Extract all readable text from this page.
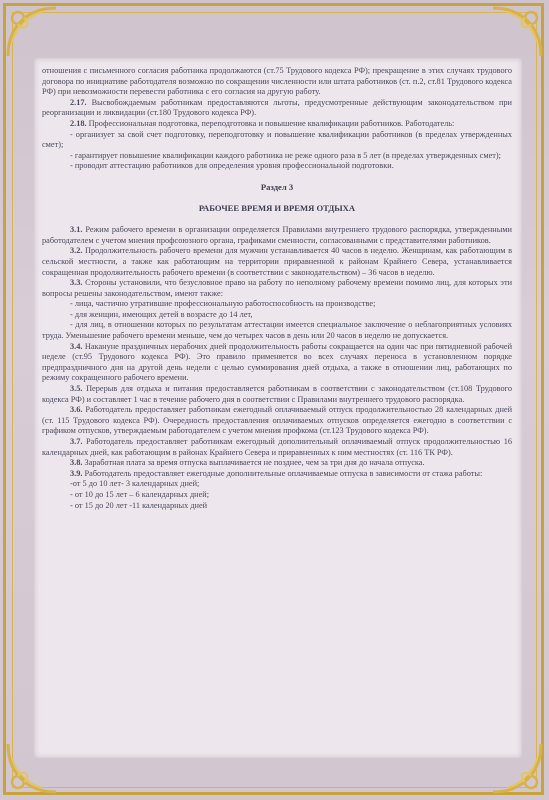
отношения с письменного согласия работника продолжаются (ст.75 Трудового кодекса РФ); прекращение в этих случаях трудового договора по инициативе работодателя возможно по сокращении численности или штата работников (ст. п.2, ст.81 Трудового кодекса РФ) при невозможности перевести работника с его согласия на другую работу.

2.17. Высвобождаемым работникам предоставляются льготы, предусмотренные действующим законодательством при реорганизации и ликвидации (ст.180 Трудового кодекса РФ).

2.18. Профессиональная подготовка, переподготовка и повышение квалификации работников. Работодатель:

- организует за свой счет подготовку, переподготовку и повышение квалификации работников (в пределах утвержденных смет);

- гарантирует повышение квалификации каждого работника не реже одного раза в 5 лет (в пределах утвержденных смет);

- проводит аттестацию работников для определения уровня профессиональной подготовки.

Раздел 3
РАБОЧЕЕ ВРЕМЯ И ВРЕМЯ ОТДЫХА

3.1. Режим рабочего времени в организации определяется Правилами внутреннего трудового распорядка, утвержденными работодателем с учетом мнения профсоюзного органа, графиками сменности, согласованными с представителями работников.

3.2. Продолжительность рабочего времени для мужчин устанавливается 40 часов в неделю. Женщинам, как работающим в сельской местности, а также как работающим на территории приравненной к районам Крайнего Севера, устанавливается сокращенная продолжительность рабочего времени (в соответствии с законодательством) – 36 часов в неделю.

3.3. Стороны установили, что безусловное право на работу по неполному рабочему времени помимо лиц, для которых эти вопросы решены законодательством, имеют также:

- лица, частично утратившие профессиональную работоспособность на производстве;

- для женщин, имеющих детей в возрасте до 14 лет,

- для лиц, в отношении которых по результатам аттестации имеется специальное заключение о неблагоприятных условиях труда. Уменьшение рабочего времени меньше, чем до четырех часов в день или 20 часов в неделю не допускается.

3.4. Накануне праздничных нерабочих дней продолжительность работы сокращается на один час при пятидневной рабочей неделе (ст.95 Трудового кодекса РФ). Это правило применяется во всех случаях переноса в установленном порядке предпраздничного дня на другой день недели с целью суммирования дней отдыха, а также в отношении лиц, работающих по режиму сокращенного рабочего времени.

3.5. Перерыв для отдыха и питания предоставляется работникам в соответствии с законодательством (ст.108 Трудового кодекса РФ) и составляет 1 час в течение рабочего дня в соответствии с Правилами внутреннего трудового распорядка.

3.6. Работодатель предоставляет работникам ежегодный оплачиваемый отпуск продолжительностью 28 календарных дней (ст. 115 Трудового кодекса РФ). Очередность предоставления оплачиваемых отпусков определяется ежегодно в соответствии с графиком отпусков, утверждаемым работодателем с учетом мнения профкома (ст.123 Трудового кодекса РФ).

3.7. Работодатель предоставляет работникам ежегодный дополнительный оплачиваемый отпуск продолжительностью 16 календарных дней, как работающим в районах Крайнего Севера и приравненных к ним местностях (ст. 116 ТК РФ).

3.8. Заработная плата за время отпуска выплачивается не позднее, чем за три дня до начала отпуска.

3.9. Работодатель предоставляет ежегодные дополнительные оплачиваемые отпуска в зависимости от стажа работы:

-от 5 до 10 лет- 3 календарных дней;

- от 10 до 15 лет – 6 календарных дней;

- от 15 до 20 лет -11 календарных дней
